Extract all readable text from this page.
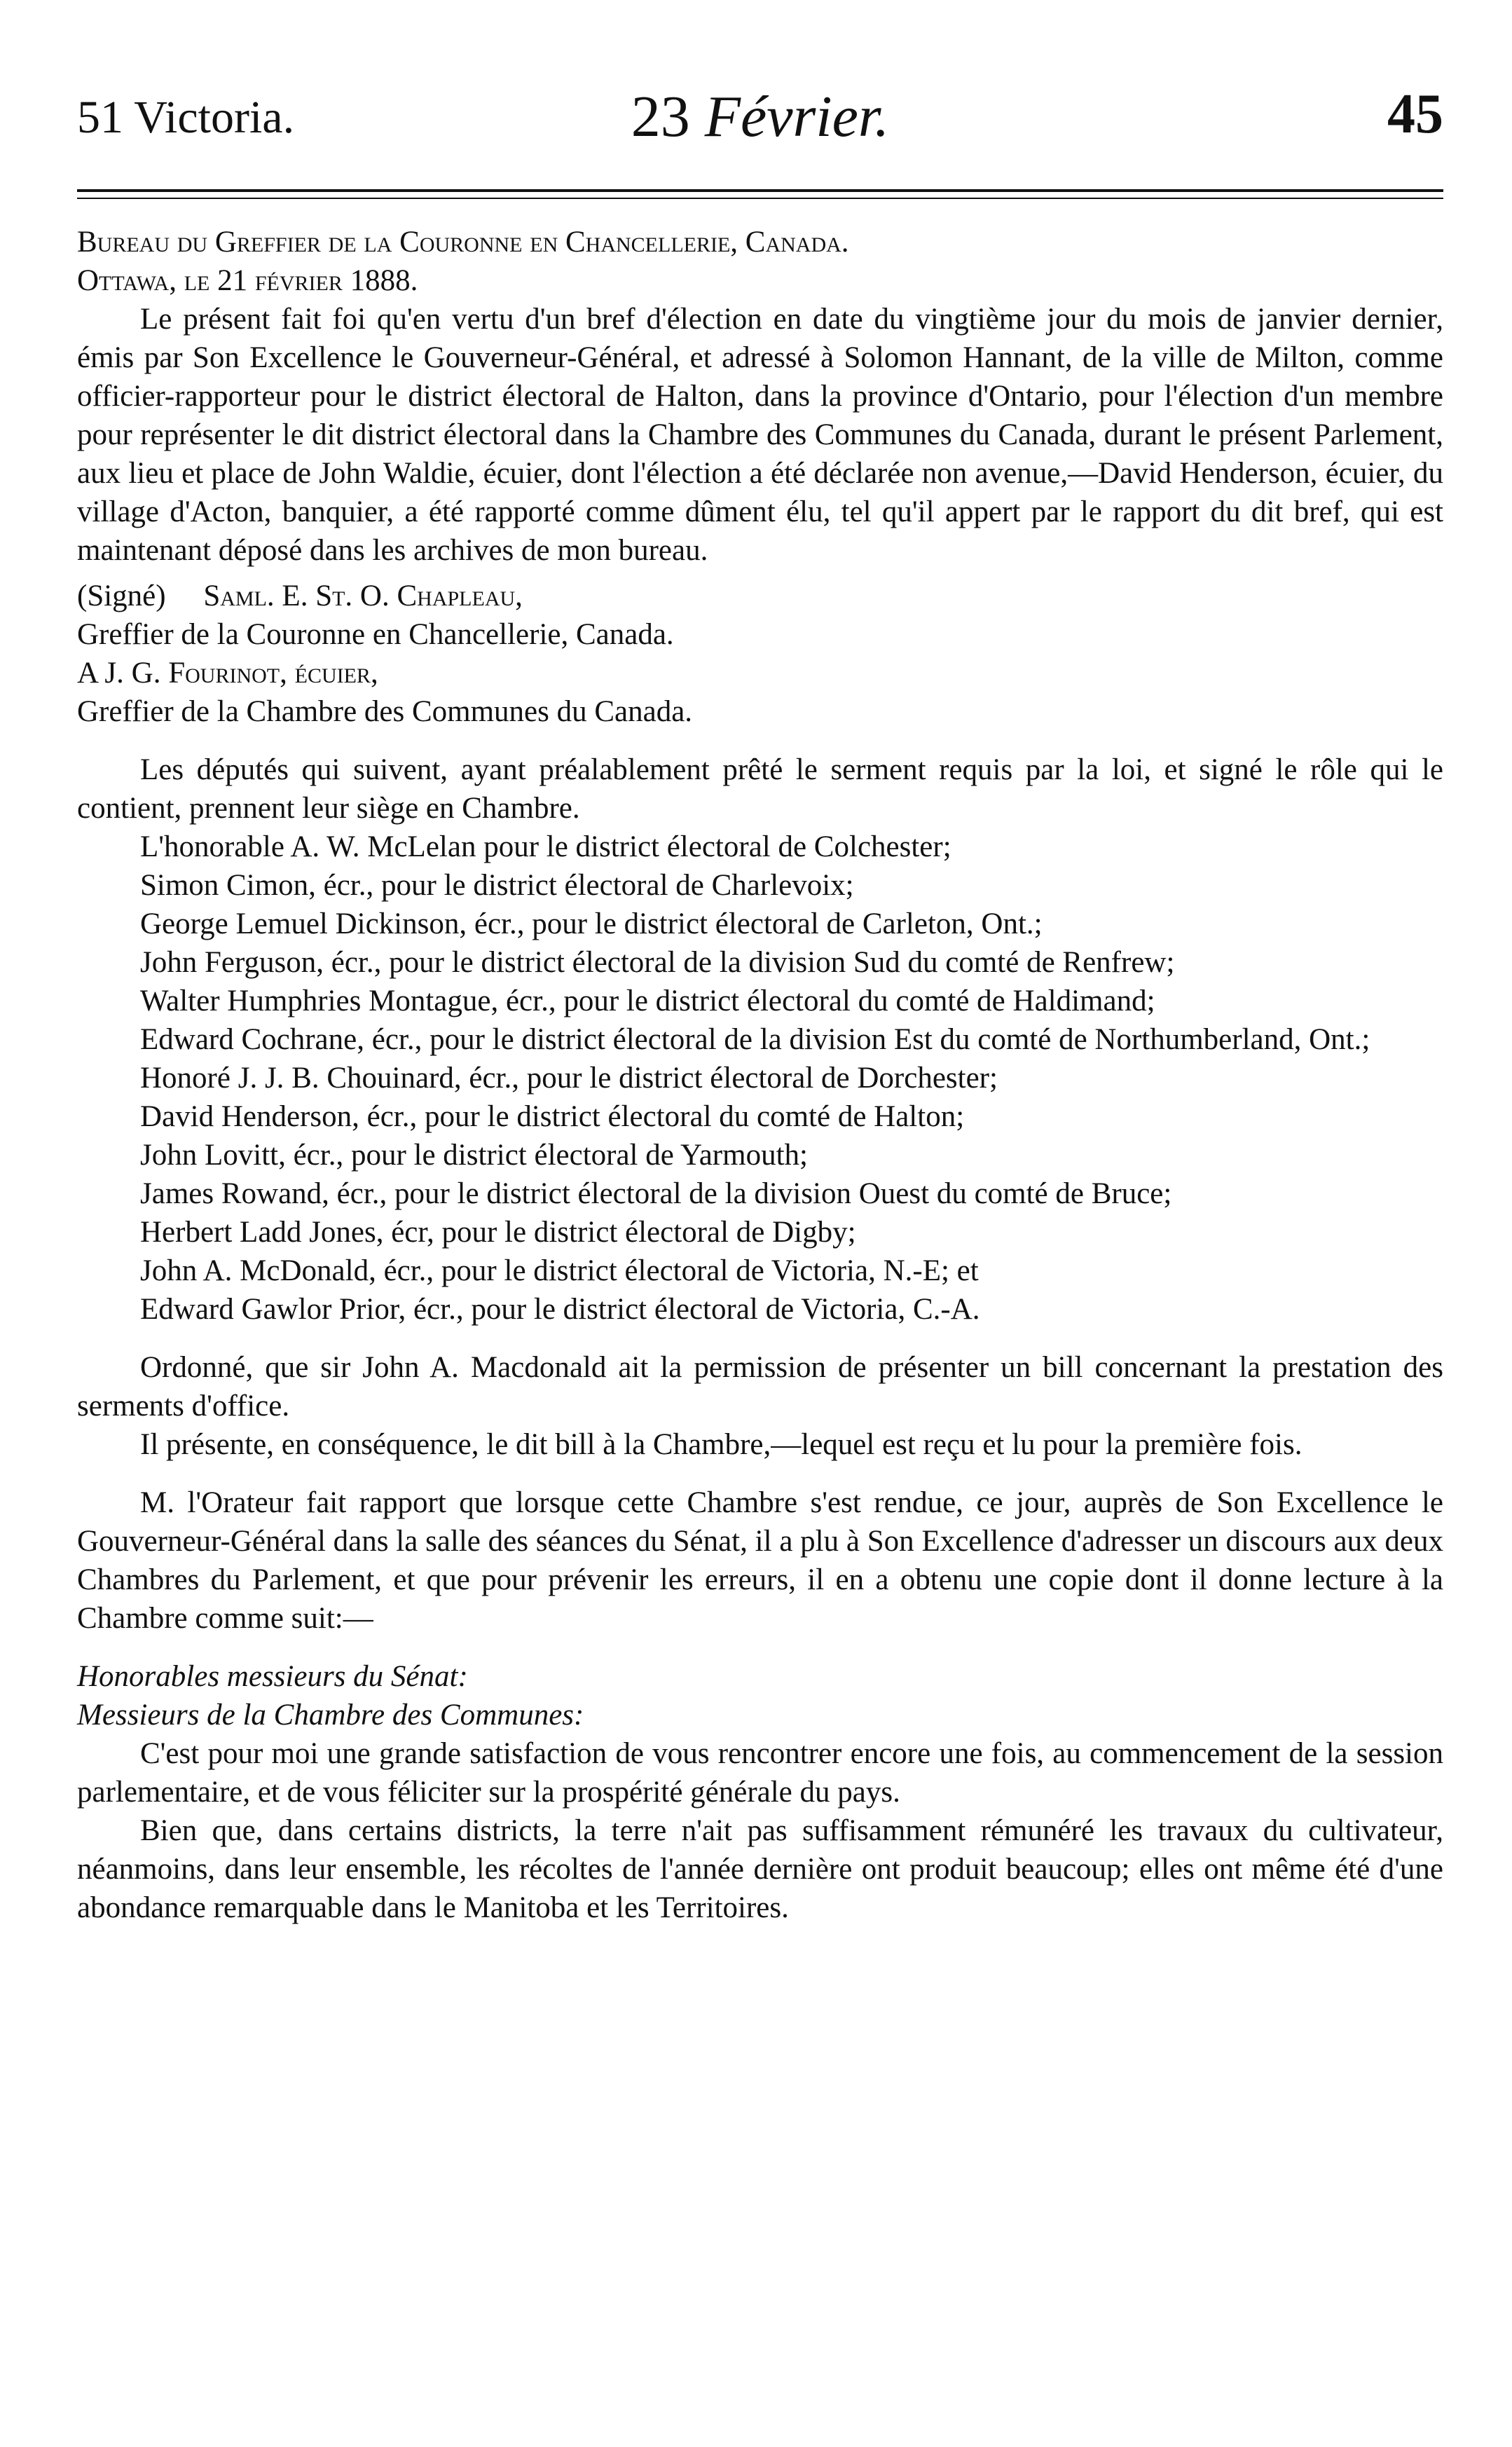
51 Victoria.	23 Février.	45

Bureau du Greffier de la Couronne en Chancellerie, Canada.

Ottawa, le 21 février 1888.

Le présent fait foi qu'en vertu d'un bref d'élection en date du vingtième jour du mois de janvier dernier, émis par Son Excellence le Gouverneur-Général, et adressé à Solomon Hannant, de la ville de Milton, comme officier-rapporteur pour le district électoral de Halton, dans la province d'Ontario, pour l'élection d'un membre pour représenter le dit district électoral dans la Chambre des Communes du Canada, durant le présent Parlement, aux lieu et place de John Waldie, écuier, dont l'élection a été déclarée non avenue,—David Henderson, écuier, du village d'Acton, banquier, a été rapporté comme dûment élu, tel qu'il appert par le rapport du dit bref, qui est maintenant déposé dans les archives de mon bureau.

(Signé) Saml. E. St. O. Chapleau,

Greffier de la Couronne en Chancellerie, Canada.

A J. G. Fourinot, écuier,

Greffier de la Chambre des Communes du Canada.

Les députés qui suivent, ayant préalablement prêté le serment requis par la loi, et signé le rôle qui le contient, prennent leur siège en Chambre.

L'honorable A. W. McLelan pour le district électoral de Colchester;

Simon Cimon, écr., pour le district électoral de Charlevoix;

George Lemuel Dickinson, écr., pour le district électoral de Carleton, Ont.;

John Ferguson, écr., pour le district électoral de la division Sud du comté de Renfrew;

Walter Humphries Montague, écr., pour le district électoral du comté de Haldimand;

Edward Cochrane, écr., pour le district électoral de la division Est du comté de Northumberland, Ont.;

Honoré J. J. B. Chouinard, écr., pour le district électoral de Dorchester;

David Henderson, écr., pour le district électoral du comté de Halton;

John Lovitt, écr., pour le district électoral de Yarmouth;

James Rowand, écr., pour le district électoral de la division Ouest du comté de Bruce;

Herbert Ladd Jones, écr, pour le district électoral de Digby;

John A. McDonald, écr., pour le district électoral de Victoria, N.-E; et

Edward Gawlor Prior, écr., pour le district électoral de Victoria, C.-A.

Ordonné, que sir John A. Macdonald ait la permission de présenter un bill concernant la prestation des serments d'office.

Il présente, en conséquence, le dit bill à la Chambre,—lequel est reçu et lu pour la première fois.

M. l'Orateur fait rapport que lorsque cette Chambre s'est rendue, ce jour, auprès de Son Excellence le Gouverneur-Général dans la salle des séances du Sénat, il a plu à Son Excellence d'adresser un discours aux deux Chambres du Parlement, et que pour prévenir les erreurs, il en a obtenu une copie dont il donne lecture à la Chambre comme suit:—

Honorables messieurs du Sénat:

Messieurs de la Chambre des Communes:

C'est pour moi une grande satisfaction de vous rencontrer encore une fois, au commencement de la session parlementaire, et de vous féliciter sur la prospérité générale du pays.

Bien que, dans certains districts, la terre n'ait pas suffisamment rémunéré les travaux du cultivateur, néanmoins, dans leur ensemble, les récoltes de l'année dernière ont produit beaucoup; elles ont même été d'une abondance remarquable dans le Manitoba et les Territoires.
